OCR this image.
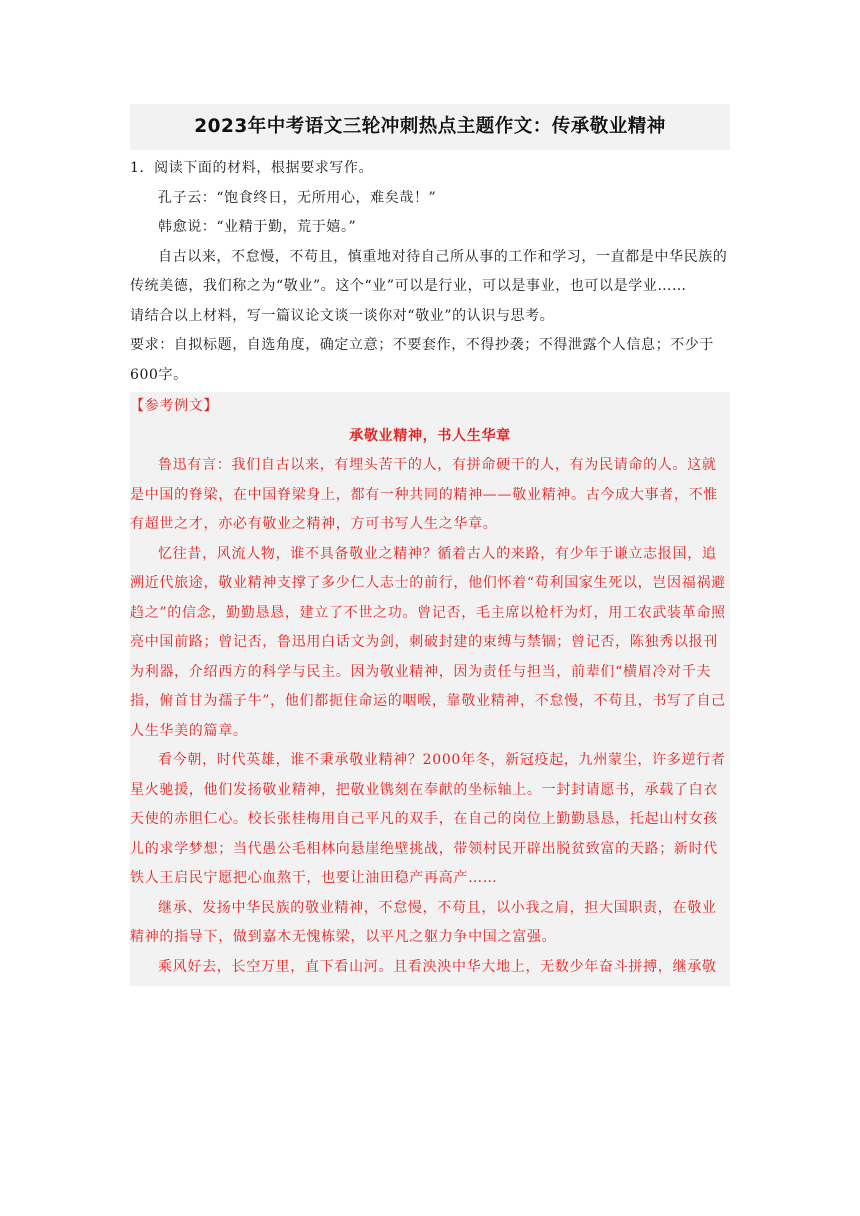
2023年中考语文三轮冲刺热点主题作文：传承敬业精神

1．阅读下面的材料，根据要求写作。

孔子云：“饱食终日，无所用心，难矣哉！”

韩愈说：“业精于勤，荒于嬉。”

自古以来，不怠慢，不苟且，慎重地对待自己所从事的工作和学习，一直都是中华民族的传统美德，我们称之为“敬业”。这个“业”可以是行业，可以是事业，也可以是学业……

请结合以上材料，写一篇议论文谈一谈你对“敬业”的认识与思考。

要求：自拟标题，自选角度，确定立意；不要套作，不得抄袭；不得泄露个人信息；不少于600字。

【参考例文】

承敬业精神，书人生华章

鲁迅有言：我们自古以来，有埋头苦干的人，有拼命硬干的人，有为民请命的人。这就是中国的脊梁，在中国脊梁身上，都有一种共同的精神——敬业精神。古今成大事者，不惟有超世之才，亦必有敬业之精神，方可书写人生之华章。

忆往昔，风流人物，谁不具备敬业之精神？循着古人的来路，有少年于谦立志报国，追溯近代旅途，敬业精神支撑了多少仁人志士的前行，他们怀着“苟利国家生死以，岂因福祸避趋之”的信念，勤勤恳恳，建立了不世之功。曾记否，毛主席以枪杆为灯，用工农武装革命照亮中国前路；曾记否，鲁迅用白话文为剑，刺破封建的束缚与禁锢；曾记否，陈独秀以报刊为利器，介绍西方的科学与民主。因为敬业精神，因为责任与担当，前辈们“横眉冷对千夫指，俯首甘为孺子牛”，他们都扼住命运的咽喉，靠敬业精神，不怠慢，不苟且，书写了自己人生华美的篇章。

看今朝，时代英雄，谁不秉承敬业精神？2000年冬，新冠疫起，九州蒙尘，许多逆行者星火驰援，他们发扬敬业精神，把敬业镌刻在奉献的坐标轴上。一封封请愿书，承载了白衣天使的赤胆仁心。校长张桂梅用自己平凡的双手，在自己的岗位上勤勤恳恳，托起山村女孩儿的求学梦想；当代愚公毛相林向悬崖绝壁挑战，带领村民开辟出脱贫致富的天路；新时代铁人王启民宁愿把心血熬干，也要让油田稳产再高产……

继承、发扬中华民族的敬业精神，不怠慢，不苟且，以小我之肩，担大国职责，在敬业精神的指导下，做到嘉木无愧栋梁，以平凡之躯力争中国之富强。

乘风好去，长空万里，直下看山河。且看泱泱中华大地上，无数少年奋斗拼搏，继承敬
